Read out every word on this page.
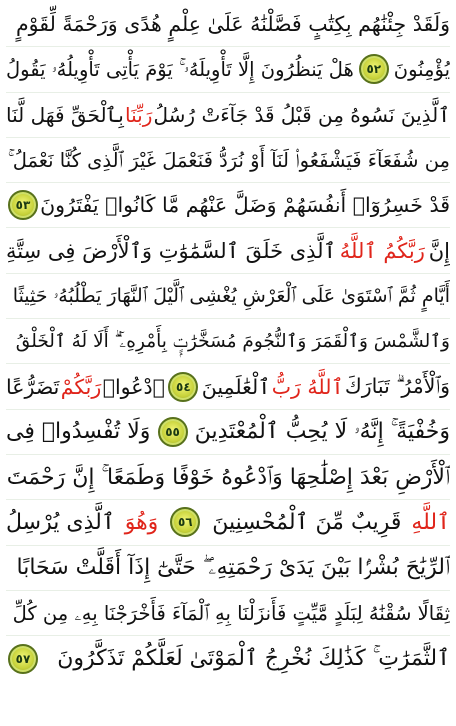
وَلَقَدْ جِئْنَٰهُم بِكِتَٰبٍ فَصَّلْنَٰهُ عَلَىٰ عِلْمٍ هُدًى وَرَحْمَةً لِّقَوْمٍ
يُؤْمِنُونَ
٥٢
هَلْ يَنظُرُونَ إِلَّا تَأْوِيلَهُۥ ۚ يَوْمَ يَأْتِى تَأْوِيلُهُۥ يَقُولُ
ٱلَّذِينَ نَسُوهُ مِن قَبْلُ قَدْ جَآءَتْ رُسُلُ
رَبِّنَا
بِٱلْحَقِّ فَهَل لَّنَا
مِن شُفَعَآءَ فَيَشْفَعُوا۟ لَنَآ أَوْ نُرَدُّ فَنَعْمَلَ غَيْرَ ٱلَّذِى كُنَّا نَعْمَلُ ۚ
قَدْ خَسِرُوٓا۟ أَنفُسَهُمْ وَضَلَّ عَنْهُم مَّا كَانُوا۟ يَفْتَرُونَ
٥٣
إِنَّ
رَبَّكُمُ ٱللَّهُ
ٱلَّذِى خَلَقَ ٱلسَّمَٰوَٰتِ وَٱلْأَرْضَ فِى سِتَّةِ
أَيَّامٍ ثُمَّ ٱسْتَوَىٰ عَلَى ٱلْعَرْشِ يُغْشِى ٱلَّيْلَ ٱلنَّهَارَ يَطْلُبُهُۥ حَثِيثًا
وَٱلشَّمْسَ وَٱلْقَمَرَ وَٱلنُّجُومَ مُسَخَّرَٰتٍۭ بِأَمْرِهِۦٓ ۗ أَلَا لَهُ ٱلْخَلْقُ
وَٱلْأَمْرُ ۗ تَبَارَكَ
ٱللَّهُ رَبُّ
ٱلْعَٰلَمِينَ
٥٤
ٱدْعُوا۟
رَبَّكُمْ
تَضَرُّعًا
وَخُفْيَةً ۚ إِنَّهُۥ لَا يُحِبُّ ٱلْمُعْتَدِينَ
٥٥
وَلَا تُفْسِدُوا۟ فِى
ٱلْأَرْضِ بَعْدَ إِصْلَٰحِهَا وَٱدْعُوهُ خَوْفًا وَطَمَعًا ۚ إِنَّ رَحْمَتَ
ٱللَّهِ
قَرِيبٌ مِّنَ ٱلْمُحْسِنِينَ
٥٦
وَهُوَ
ٱلَّذِى يُرْسِلُ
ٱلرِّيَٰحَ بُشْرًۢا بَيْنَ يَدَىْ رَحْمَتِهِۦ ۖ حَتَّىٰٓ إِذَآ أَقَلَّتْ سَحَابًا
ثِقَالًا سُقْنَٰهُ لِبَلَدٍ مَّيِّتٍ فَأَنزَلْنَا بِهِ ٱلْمَآءَ فَأَخْرَجْنَا بِهِۦ مِن كُلِّ
ٱلثَّمَرَٰتِ ۚ كَذَٰلِكَ نُخْرِجُ ٱلْمَوْتَىٰ لَعَلَّكُمْ تَذَكَّرُونَ
٥٧
